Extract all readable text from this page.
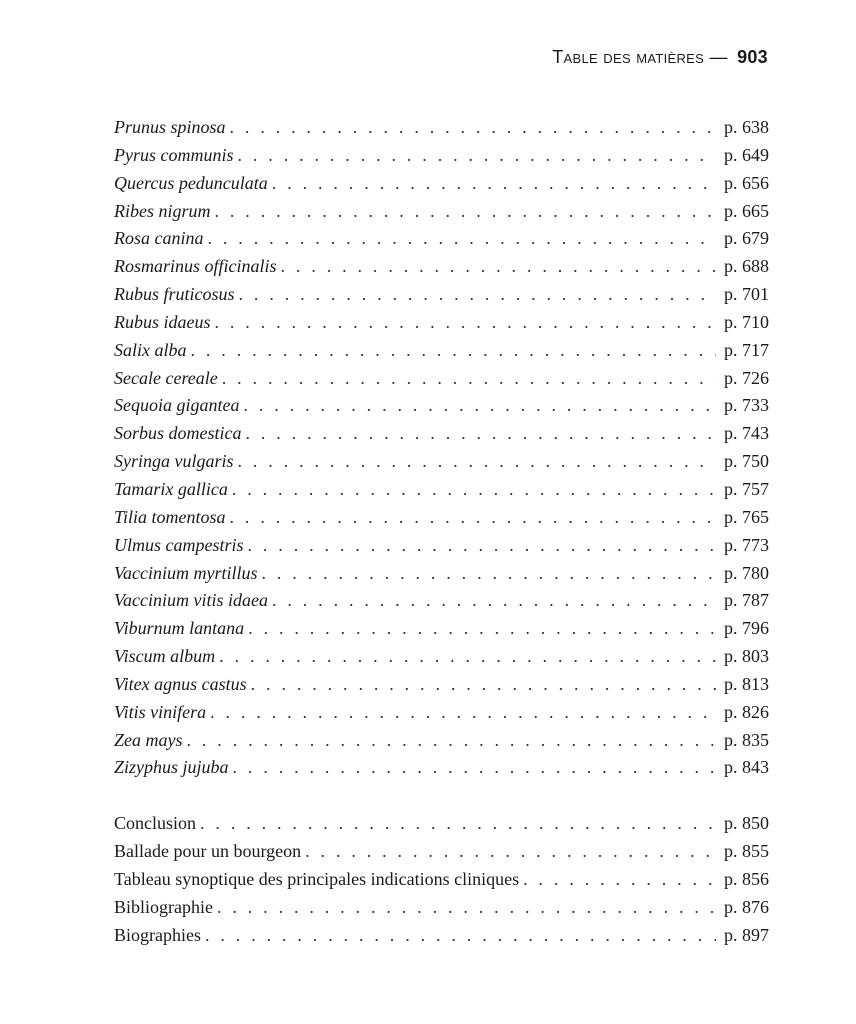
Table des matières — 903
Prunus spinosa . . .	p. 638
Pyrus communis . . .	p. 649
Quercus pedunculata . . .	p. 656
Ribes nigrum . . .	p. 665
Rosa canina . . .	p. 679
Rosmarinus officinalis . . .	p. 688
Rubus fruticosus . . .	p. 701
Rubus idaeus . . .	p. 710
Salix alba . . .	p. 717
Secale cereale . . .	p. 726
Sequoia gigantea . . .	p. 733
Sorbus domestica . . .	p. 743
Syringa vulgaris . . .	p. 750
Tamarix gallica . . .	p. 757
Tilia tomentosa . . .	p. 765
Ulmus campestris . . .	p. 773
Vaccinium myrtillus . . .	p. 780
Vaccinium vitis idaea . . .	p. 787
Viburnum lantana . . .	p. 796
Viscum album . . .	p. 803
Vitex agnus castus . . .	p. 813
Vitis vinifera . . .	p. 826
Zea mays . . .	p. 835
Zizyphus jujuba . . .	p. 843
Conclusion . . .	p. 850
Ballade pour un bourgeon . . .	p. 855
Tableau synoptique des principales indications cliniques . . .	p. 856
Bibliographie . . .	p. 876
Biographies . . .	p. 897
